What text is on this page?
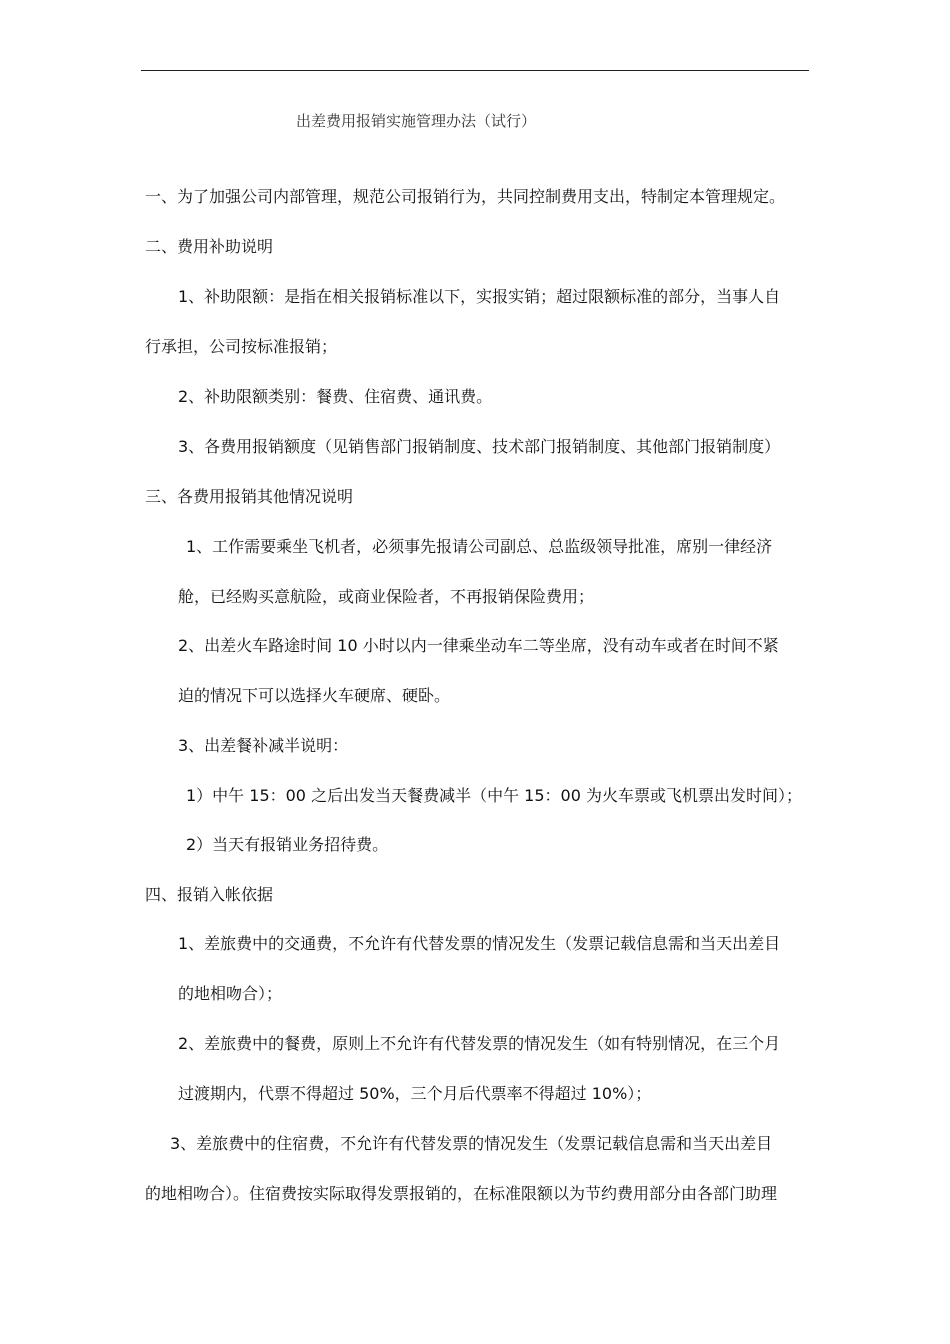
出差费用报销实施管理办法（试行）
一、为了加强公司内部管理，规范公司报销行为，共同控制费用支出，特制定本管理规定。
二、费用补助说明
1、补助限额：是指在相关报销标准以下，实报实销；超过限额标准的部分，当事人自
行承担，公司按标准报销；
2、补助限额类别：餐费、住宿费、通讯费。
3、各费用报销额度（见销售部门报销制度、技术部门报销制度、其他部门报销制度）
三、各费用报销其他情况说明
1、工作需要乘坐飞机者，必须事先报请公司副总、总监级领导批准，席别一律经济
舱，已经购买意航险，或商业保险者，不再报销保险费用；
2、出差火车路途时间 10 小时以内一律乘坐动车二等坐席，没有动车或者在时间不紧
迫的情况下可以选择火车硬席、硬卧。
3、出差餐补减半说明：
1）中午 15：00 之后出发当天餐费减半（中午 15：00 为火车票或飞机票出发时间）；
2）当天有报销业务招待费。
四、报销入帐依据
1、差旅费中的交通费，不允许有代替发票的情况发生（发票记载信息需和当天出差目
的地相吻合）；
2、差旅费中的餐费，原则上不允许有代替发票的情况发生（如有特别情况，在三个月
过渡期内，代票不得超过 50%，三个月后代票率不得超过 10%）；
3、差旅费中的住宿费，不允许有代替发票的情况发生（发票记载信息需和当天出差目
的地相吻合）。住宿费按实际取得发票报销的，在标准限额以为节约费用部分由各部门助理
